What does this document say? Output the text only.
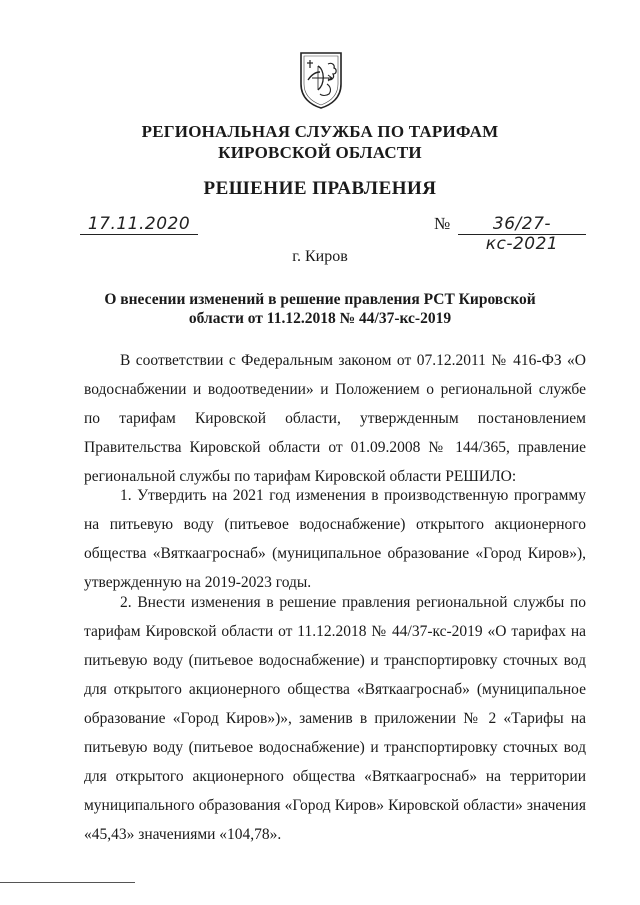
РЕГИОНАЛЬНАЯ СЛУЖБА ПО ТАРИФАМ
КИРОВСКОЙ ОБЛАСТИ
РЕШЕНИЕ ПРАВЛЕНИЯ
17.11.2020	№	36/27-кс-2021
г. Киров
О внесении изменений в решение правления РСТ Кировской области от 11.12.2018 № 44/37-кс-2019

В соответствии с Федеральным законом от 07.12.2011 № 416-ФЗ «О водоснабжении и водоотведении» и Положением о региональной службе по тарифам Кировской области, утвержденным постановлением Правительства Кировской области от 01.09.2008 № 144/365, правление региональной службы по тарифам Кировской области РЕШИЛО:

1. Утвердить на 2021 год изменения в производственную программу на питьевую воду (питьевое водоснабжение) открытого акционерного общества «Вяткаагроснаб» (муниципальное образование «Город Киров»), утвержденную на 2019-2023 годы.

2. Внести изменения в решение правления региональной службы по тарифам Кировской области от 11.12.2018 № 44/37-кс-2019 «О тарифах на питьевую воду (питьевое водоснабжение) и транспортировку сточных вод для открытого акционерного общества «Вяткаагроснаб» (муниципальное образование «Город Киров»)», заменив в приложении № 2 «Тарифы на питьевую воду (питьевое водоснабжение) и транспортировку сточных вод для открытого акционерного общества «Вяткаагроснаб» на территории муниципального образования «Город Киров» Кировской области» значения «45,43» значениями «104,78».
